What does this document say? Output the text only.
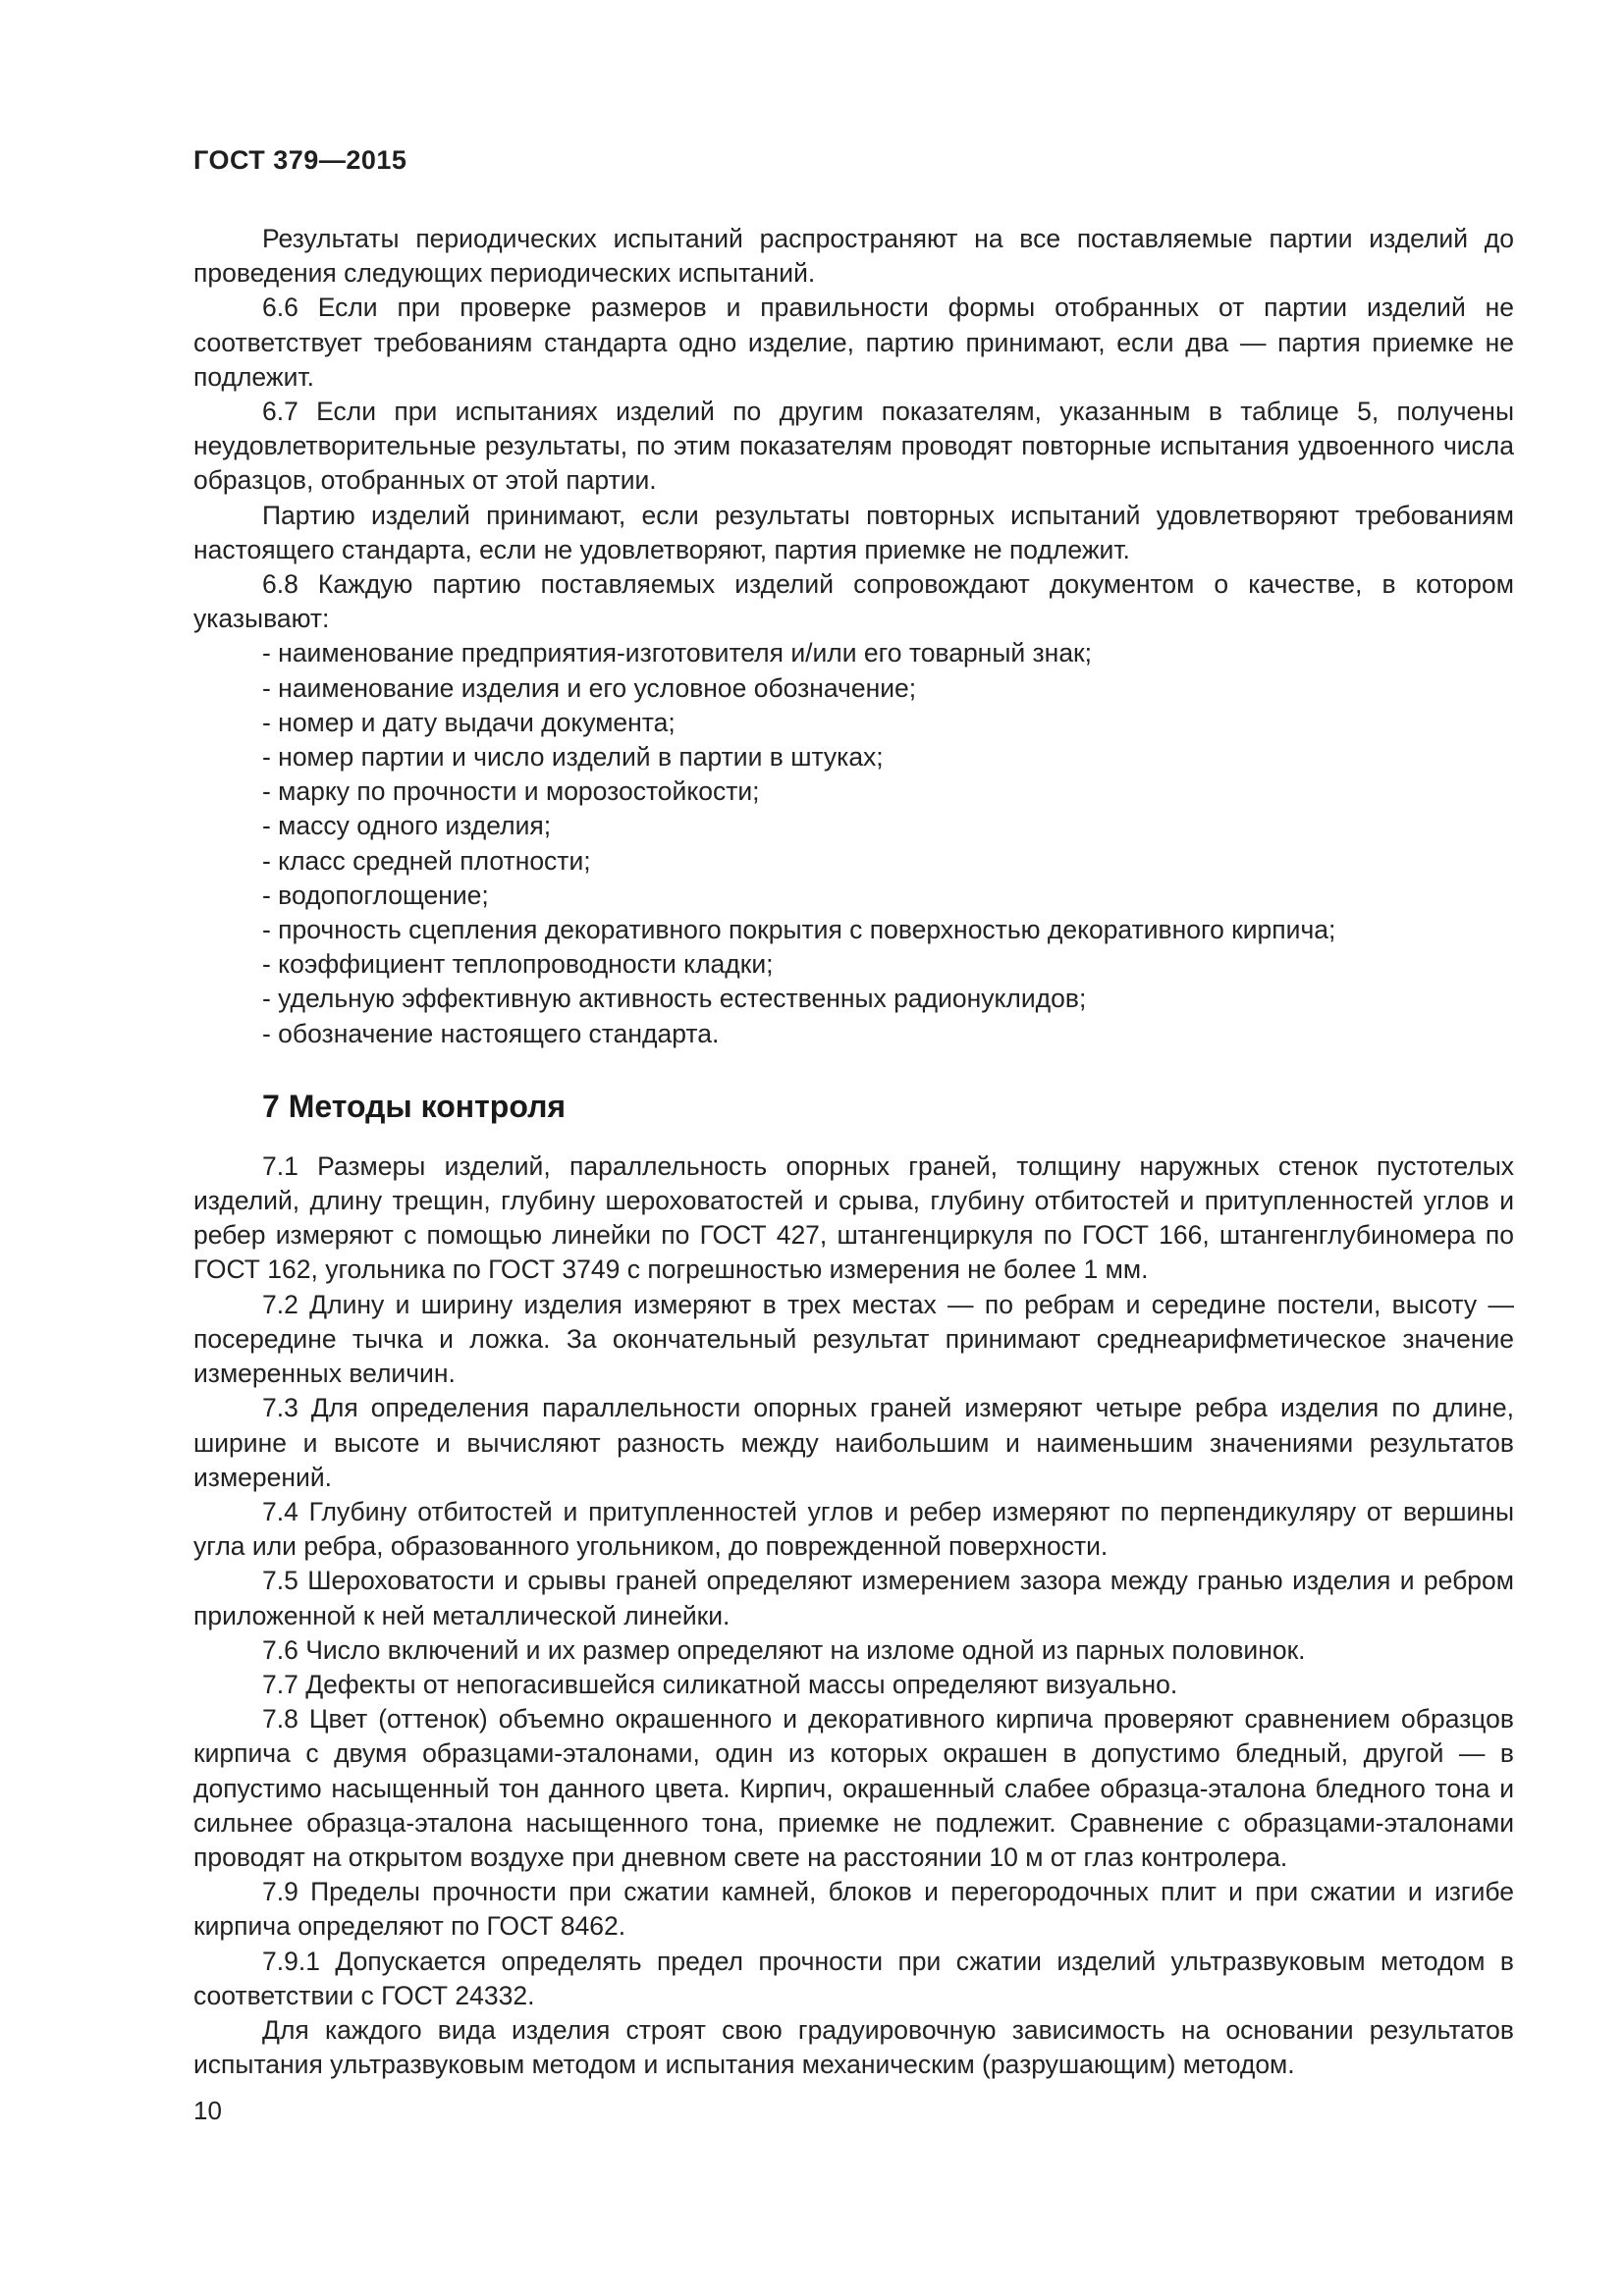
ГОСТ 379—2015

Результаты периодических испытаний распространяют на все поставляемые партии изделий до проведения следующих периодических испытаний.

6.6 Если при проверке размеров и правильности формы отобранных от партии изделий не соответствует требованиям стандарта одно изделие, партию принимают, если два — партия приемке не подлежит.

6.7 Если при испытаниях изделий по другим показателям, указанным в таблице 5, получены неудовлетворительные результаты, по этим показателям проводят повторные испытания удвоенного числа образцов, отобранных от этой партии.

Партию изделий принимают, если результаты повторных испытаний удовлетворяют требованиям настоящего стандарта, если не удовлетворяют, партия приемке не подлежит.

6.8 Каждую партию поставляемых изделий сопровождают документом о качестве, в котором указывают:

- наименование предприятия-изготовителя и/или его товарный знак;
- наименование изделия и его условное обозначение;
- номер и дату выдачи документа;
- номер партии и число изделий в партии в штуках;
- марку по прочности и морозостойкости;
- массу одного изделия;
- класс средней плотности;
- водопоглощение;
- прочность сцепления декоративного покрытия с поверхностью декоративного кирпича;
- коэффициент теплопроводности кладки;
- удельную эффективную активность естественных радионуклидов;
- обозначение настоящего стандарта.
7 Методы контроля

7.1 Размеры изделий, параллельность опорных граней, толщину наружных стенок пустотелых изделий, длину трещин, глубину шероховатостей и срыва, глубину отбитостей и притупленностей углов и ребер измеряют с помощью линейки по ГОСТ 427, штангенциркуля по ГОСТ 166, штангенглубиномера по ГОСТ 162, угольника по ГОСТ 3749 с погрешностью измерения не более 1 мм.

7.2 Длину и ширину изделия измеряют в трех местах — по ребрам и середине постели, высоту — посередине тычка и ложка. За окончательный результат принимают среднеарифметическое значение измеренных величин.

7.3 Для определения параллельности опорных граней измеряют четыре ребра изделия по длине, ширине и высоте и вычисляют разность между наибольшим и наименьшим значениями результатов измерений.

7.4 Глубину отбитостей и притупленностей углов и ребер измеряют по перпендикуляру от вершины угла или ребра, образованного угольником, до поврежденной поверхности.

7.5 Шероховатости и срывы граней определяют измерением зазора между гранью изделия и ребром приложенной к ней металлической линейки.

7.6 Число включений и их размер определяют на изломе одной из парных половинок.

7.7 Дефекты от непогасившейся силикатной массы определяют визуально.

7.8 Цвет (оттенок) объемно окрашенного и декоративного кирпича проверяют сравнением образцов кирпича с двумя образцами-эталонами, один из которых окрашен в допустимо бледный, другой — в допустимо насыщенный тон данного цвета. Кирпич, окрашенный слабее образца-эталона бледного тона и сильнее образца-эталона насыщенного тона, приемке не подлежит. Сравнение с образцами-эталонами проводят на открытом воздухе при дневном свете на расстоянии 10 м от глаз контролера.

7.9 Пределы прочности при сжатии камней, блоков и перегородочных плит и при сжатии и изгибе кирпича определяют по ГОСТ 8462.

7.9.1 Допускается определять предел прочности при сжатии изделий ультразвуковым методом в соответствии с ГОСТ 24332.

Для каждого вида изделия строят свою градуировочную зависимость на основании результатов испытания ультразвуковым методом и испытания механическим (разрушающим) методом.

10
